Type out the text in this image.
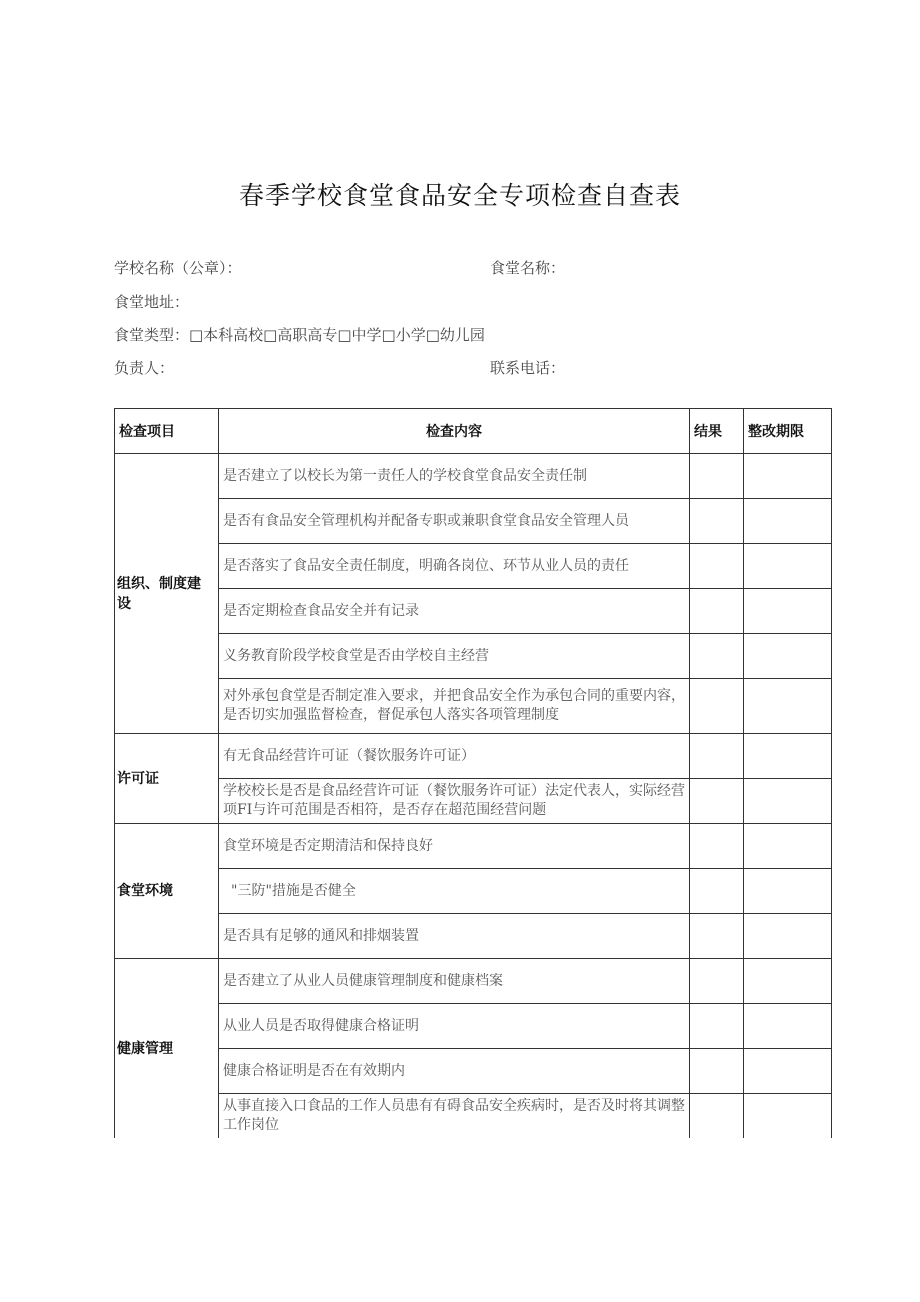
春季学校食堂食品安全专项检查自查表
学校名称（公章）：	食堂名称：
食堂地址：
食堂类型：□本科高校□高职高专□中学□小学□幼儿园
负责人：	联系电话：
检查项目	检查内容	结果	整改期限
组织、制度建设	是否建立了以校长为第一责任人的学校食堂食品安全责任制		
	是否有食品安全管理机构并配备专职或兼职食堂食品安全管理人员		
	是否落实了食品安全责任制度，明确各岗位、环节从业人员的责任		
	是否定期检查食品安全并有记录		
	义务教育阶段学校食堂是否由学校自主经营		
	对外承包食堂是否制定准入要求，并把食品安全作为承包合同的重要内容，是否切实加强监督检查，督促承包人落实各项管理制度		
许可证	有无食品经营许可证（餐饮服务许可证）		
	学校校长是否是食品经营许可证（餐饮服务许可证）法定代表人，实际经营项FI与许可范围是否相符，是否存在超范围经营问题		
食堂环境	食堂环境是否定期清洁和保持良好		
	"三防"措施是否健全		
	是否具有足够的通风和排烟装置		
健康管理	是否建立了从业人员健康管理制度和健康档案		
	从业人员是否取得健康合格证明		
	健康合格证明是否在有效期内		
	从事直接入口食品的工作人员患有有碍食品安全疾病时，是否及时将其调整工作岗位		
